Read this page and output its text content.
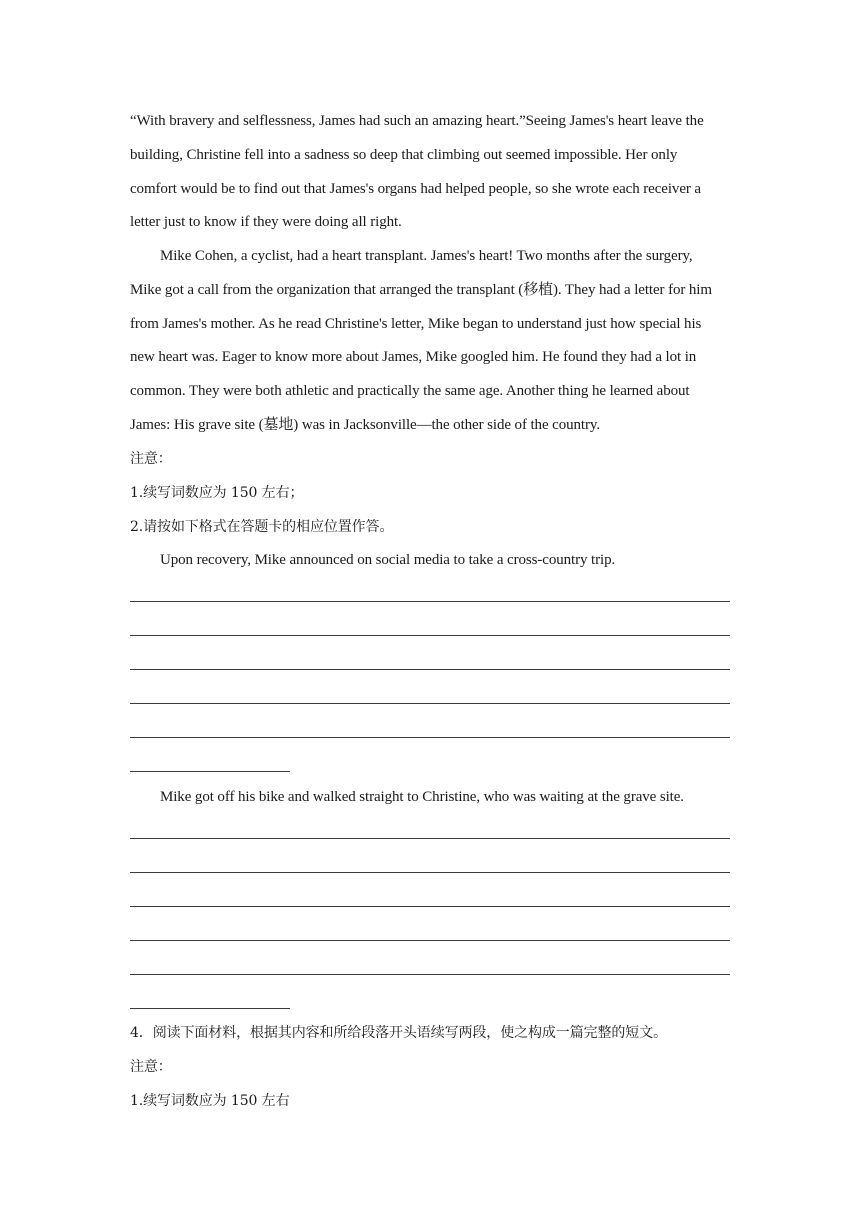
“With bravery and selflessness, James had such an amazing heart.”Seeing James's heart leave the

building, Christine fell into a sadness so deep that climbing out seemed impossible. Her only

comfort would be to find out that James's organs had helped people, so she wrote each receiver a

letter just to know if they were doing all right.

Mike Cohen, a cyclist, had a heart transplant. James's heart! Two months after the surgery,

Mike got a call from the organization that arranged the transplant (移植). They had a letter for him

from James's mother. As he read Christine's letter, Mike began to understand just how special his

new heart was. Eager to know more about James, Mike googled him. He found they had a lot in

common. They were both athletic and practically the same age. Another thing he learned about

James: His grave site (墓地) was in Jacksonville—the other side of the country.

注意：

1.续写词数应为 150 左右；

2.请按如下格式在答题卡的相应位置作答。

Upon recovery, Mike announced on social media to take a cross-country trip.

Mike got off his bike and walked straight to Christine, who was waiting at the grave site.

4．阅读下面材料，根据其内容和所给段落开头语续写两段，使之构成一篇完整的短文。

注意：

1.续写词数应为 150 左右
